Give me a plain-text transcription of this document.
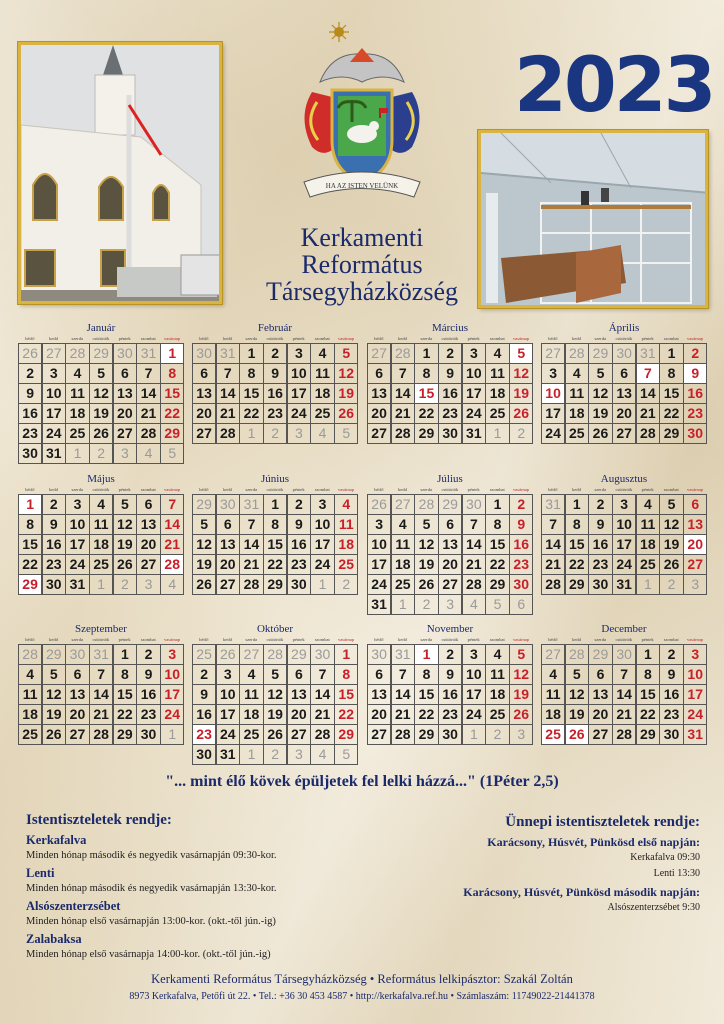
HA AZ ISTEN VELÜNK
2023
Kerkamenti
Református
Társegyházközség
Január
hétfő	kedd	szerda	csütörtök	péntek	szombat	vasárnap
26 27 28 29 30 31 1
2	3	4	5	6	7	8
9 10 11 12 13 14 15
16 17 18 19 20 21 22
23 24 25 26 27 28 29
30 31 1	2	3	4	5
Február
hétfő	kedd	szerda	csütörtök	péntek	szombat	vasárnap
30 31 1	2	3	4	5
6	7	8	9 10 11 12
13 14 15 16 17 18 19
20 21 22 23 24 25 26
27 28 1	2	3	4	5
Március
hétfő	kedd	szerda	csütörtök	péntek	szombat	vasárnap
27 28 1	2	3	4	5
6	7	8	9 10 11 12
13 14 15 16 17 18 19
20 21 22 23 24 25 26
27 28 29 30 31 1	2
Április
hétfő	kedd	szerda	csütörtök	péntek	szombat	vasárnap
27 28 29 30 31 1	2
3	4	5	6	7	8	9
10 11 12 13 14 15 16
17 18 19 20 21 22 23
24 25 26 27 28 29 30
Május
hétfő	kedd	szerda	csütörtök	péntek	szombat	vasárnap
1	2	3	4	5	6	7
8	9 10 11 12 13 14
15 16 17 18 19 20 21
22 23 24 25 26 27 28
29 30 31 1	2	3	4
Június
hétfő	kedd	szerda	csütörtök	péntek	szombat	vasárnap
29 30 31 1	2	3	4
5	6	7	8	9 10 11
12 13 14 15 16 17 18
19 20 21 22 23 24 25
26 27 28 29 30 1	2
Július
hétfő	kedd	szerda	csütörtök	péntek	szombat	vasárnap
26 27 28 29 30 1	2
3	4	5	6	7	8	9
10 11 12 13 14 15 16
17 18 19 20 21 22 23
24 25 26 27 28 29 30
31 1	2	3	4	5	6
Augusztus
hétfő	kedd	szerda	csütörtök	péntek	szombat	vasárnap
31 1	2	3	4	5	6
7	8	9 10 11 12 13
14 15 16 17 18 19 20
21 22 23 24 25 26 27
28 29 30 31 1	2	3
Szeptember
hétfő	kedd	szerda	csütörtök	péntek	szombat	vasárnap
28 29 30 31 1	2	3
4	5	6	7	8	9 10
11 12 13 14 15 16 17
18 19 20 21 22 23 24
25 26 27 28 29 30 1
Október
hétfő	kedd	szerda	csütörtök	péntek	szombat	vasárnap
25 26 27 28 29 30 1
2	3	4	5	6	7	8
9 10 11 12 13 14 15
16 17 18 19 20 21 22
23 24 25 26 27 28 29
30 31 1	2	3	4	5
November
hétfő	kedd	szerda	csütörtök	péntek	szombat	vasárnap
30 31 1	2	3	4	5
6	7	8	9 10 11 12
13 14 15 16 17 18 19
20 21 22 23 24 25 26
27 28 29 30 1	2	3
December
hétfő	kedd	szerda	csütörtök	péntek	szombat	vasárnap
27 28 29 30 1	2	3
4	5	6	7	8	9 10
11 12 13 14 15 16 17
18 19 20 21 22 23 24
25 26 27 28 29 30 31
"... mint élő kövek épüljetek fel lelki házzá..." (1Péter 2,5)
Istentiszteletek rendje:
Kerkafalva

Minden hónap második és negyedik vasárnapján 09:30-kor.

Lenti

Minden hónap második és negyedik vasárnapján 13:30-kor.

Alsószenterzsébet

Minden hónap első vasárnapján 13:00-kor. (okt.-től jún.-ig)

Zalabaksa

Minden hónap első vasárnapja 14:00-kor. (okt.-től jún.-ig)

Ünnepi istentiszteletek rendje:
Karácsony, Húsvét, Pünkösd első napján:

Kerkafalva 09:30

Lenti 13:30

Karácsony, Húsvét, Pünkösd második napján:

Alsószenterzsébet 9:30

Kerkamenti Református Társegyházközség • Református lelkipásztor: Szakál Zoltán
8973 Kerkafalva, Petőfi út 22. • Tel.: +36 30 453 4587 • http://kerkafalva.ref.hu • Számlaszám: 11749022-21441378
